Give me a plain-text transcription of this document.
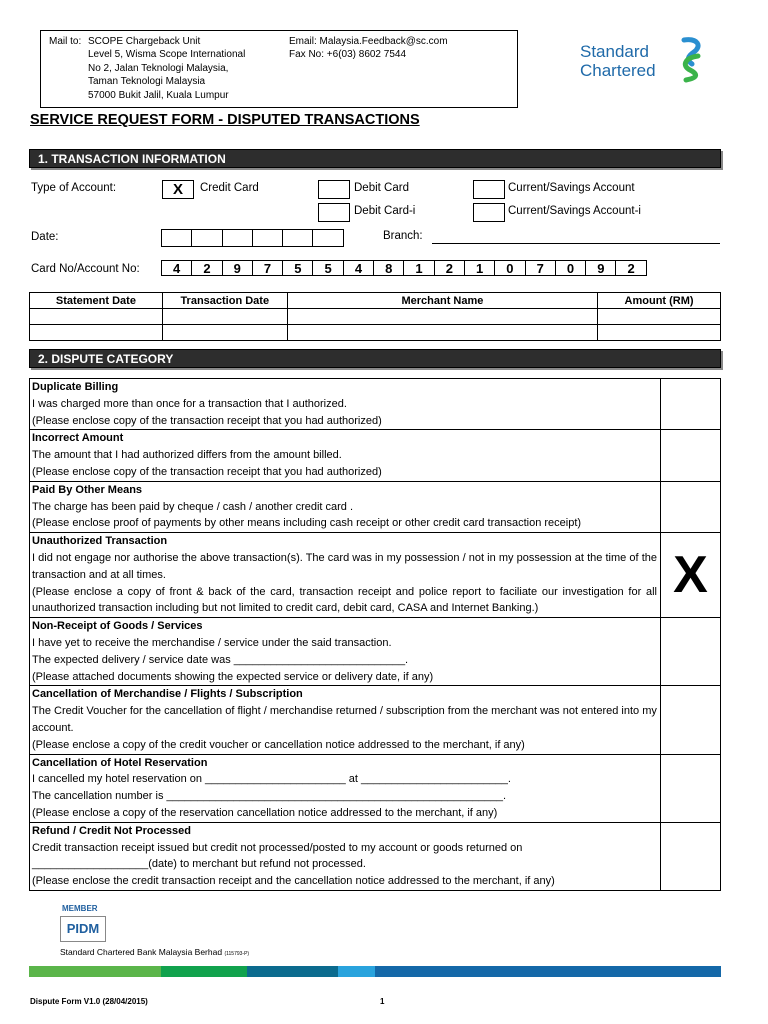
Mail to: SCOPE Chargeback Unit
Level 5, Wisma Scope International
No 2, Jalan Teknologi Malaysia,
Taman Teknologi Malaysia
57000 Bukit Jalil, Kuala Lumpur
Email: Malaysia.Feedback@sc.com
Fax No: +6(03) 8602 7544	Standard
Chartered
SERVICE REQUEST FORM - DISPUTED TRANSACTIONS
1. TRANSACTION INFORMATION
Type of Account:	X	Credit Card	Debit Card	Current/Savings Account
Debit Card-i	Current/Savings Account-i
Date:	Branch:
Card No/Account No:	4	2	9	7	5	5	4	8	1	2	1	0	7	0	9	2
Statement Date	Transaction Date	Merchant Name	Amount (RM)

2. DISPUTE CATEGORY
Duplicate Billing
I was charged more than once for a transaction that I authorized.
(Please enclose copy of the transaction receipt that you had authorized)	

Incorrect Amount
The amount that I had authorized differs from the amount billed.
(Please enclose copy of the transaction receipt that you had authorized)	

Paid By Other Means
The charge has been paid by cheque / cash / another credit card .
(Please enclose proof of payments by other means including cash receipt or other credit card transaction receipt)	

Unauthorized Transaction
I did not engage nor authorise the above transaction(s). The card was in my possession / not in my possession at the time of the transaction and at all times.
(Please enclose a copy of front & back of the card, transaction receipt and police report to faciliate our investigation for all unauthorized transaction including but not limited to credit card, debit card, CASA and Internet Banking.)	X

Non-Receipt of Goods / Services
I have yet to receive the merchandise / service under the said transaction.
The expected delivery / service date was ____________________________.
(Please attached documents showing the expected service or delivery date, if any)	

Cancellation of Merchandise / Flights / Subscription
The Credit Voucher for the cancellation of flight / merchandise returned / subscription from the merchant was not entered into my account.
(Please enclose a copy of the credit voucher or cancellation notice addressed to the merchant, if any)	

Cancellation of Hotel Reservation
I cancelled my hotel reservation on _______________________ at ________________________.
The cancellation number is _______________________________________________________.
(Please enclose a copy of the reservation cancellation notice addressed to the merchant, if any)	

Refund / Credit Not Processed
Credit transaction receipt issued but credit not processed/posted to my account or goods returned on ___________________(date) to merchant but refund not processed.
(Please enclose the credit transaction receipt and the cancellation notice addressed to the merchant, if any)	

MEMBER
PIDM
Standard Chartered Bank Malaysia Berhad (115793-P)
Dispute Form V1.0 (28/04/2015)	1
